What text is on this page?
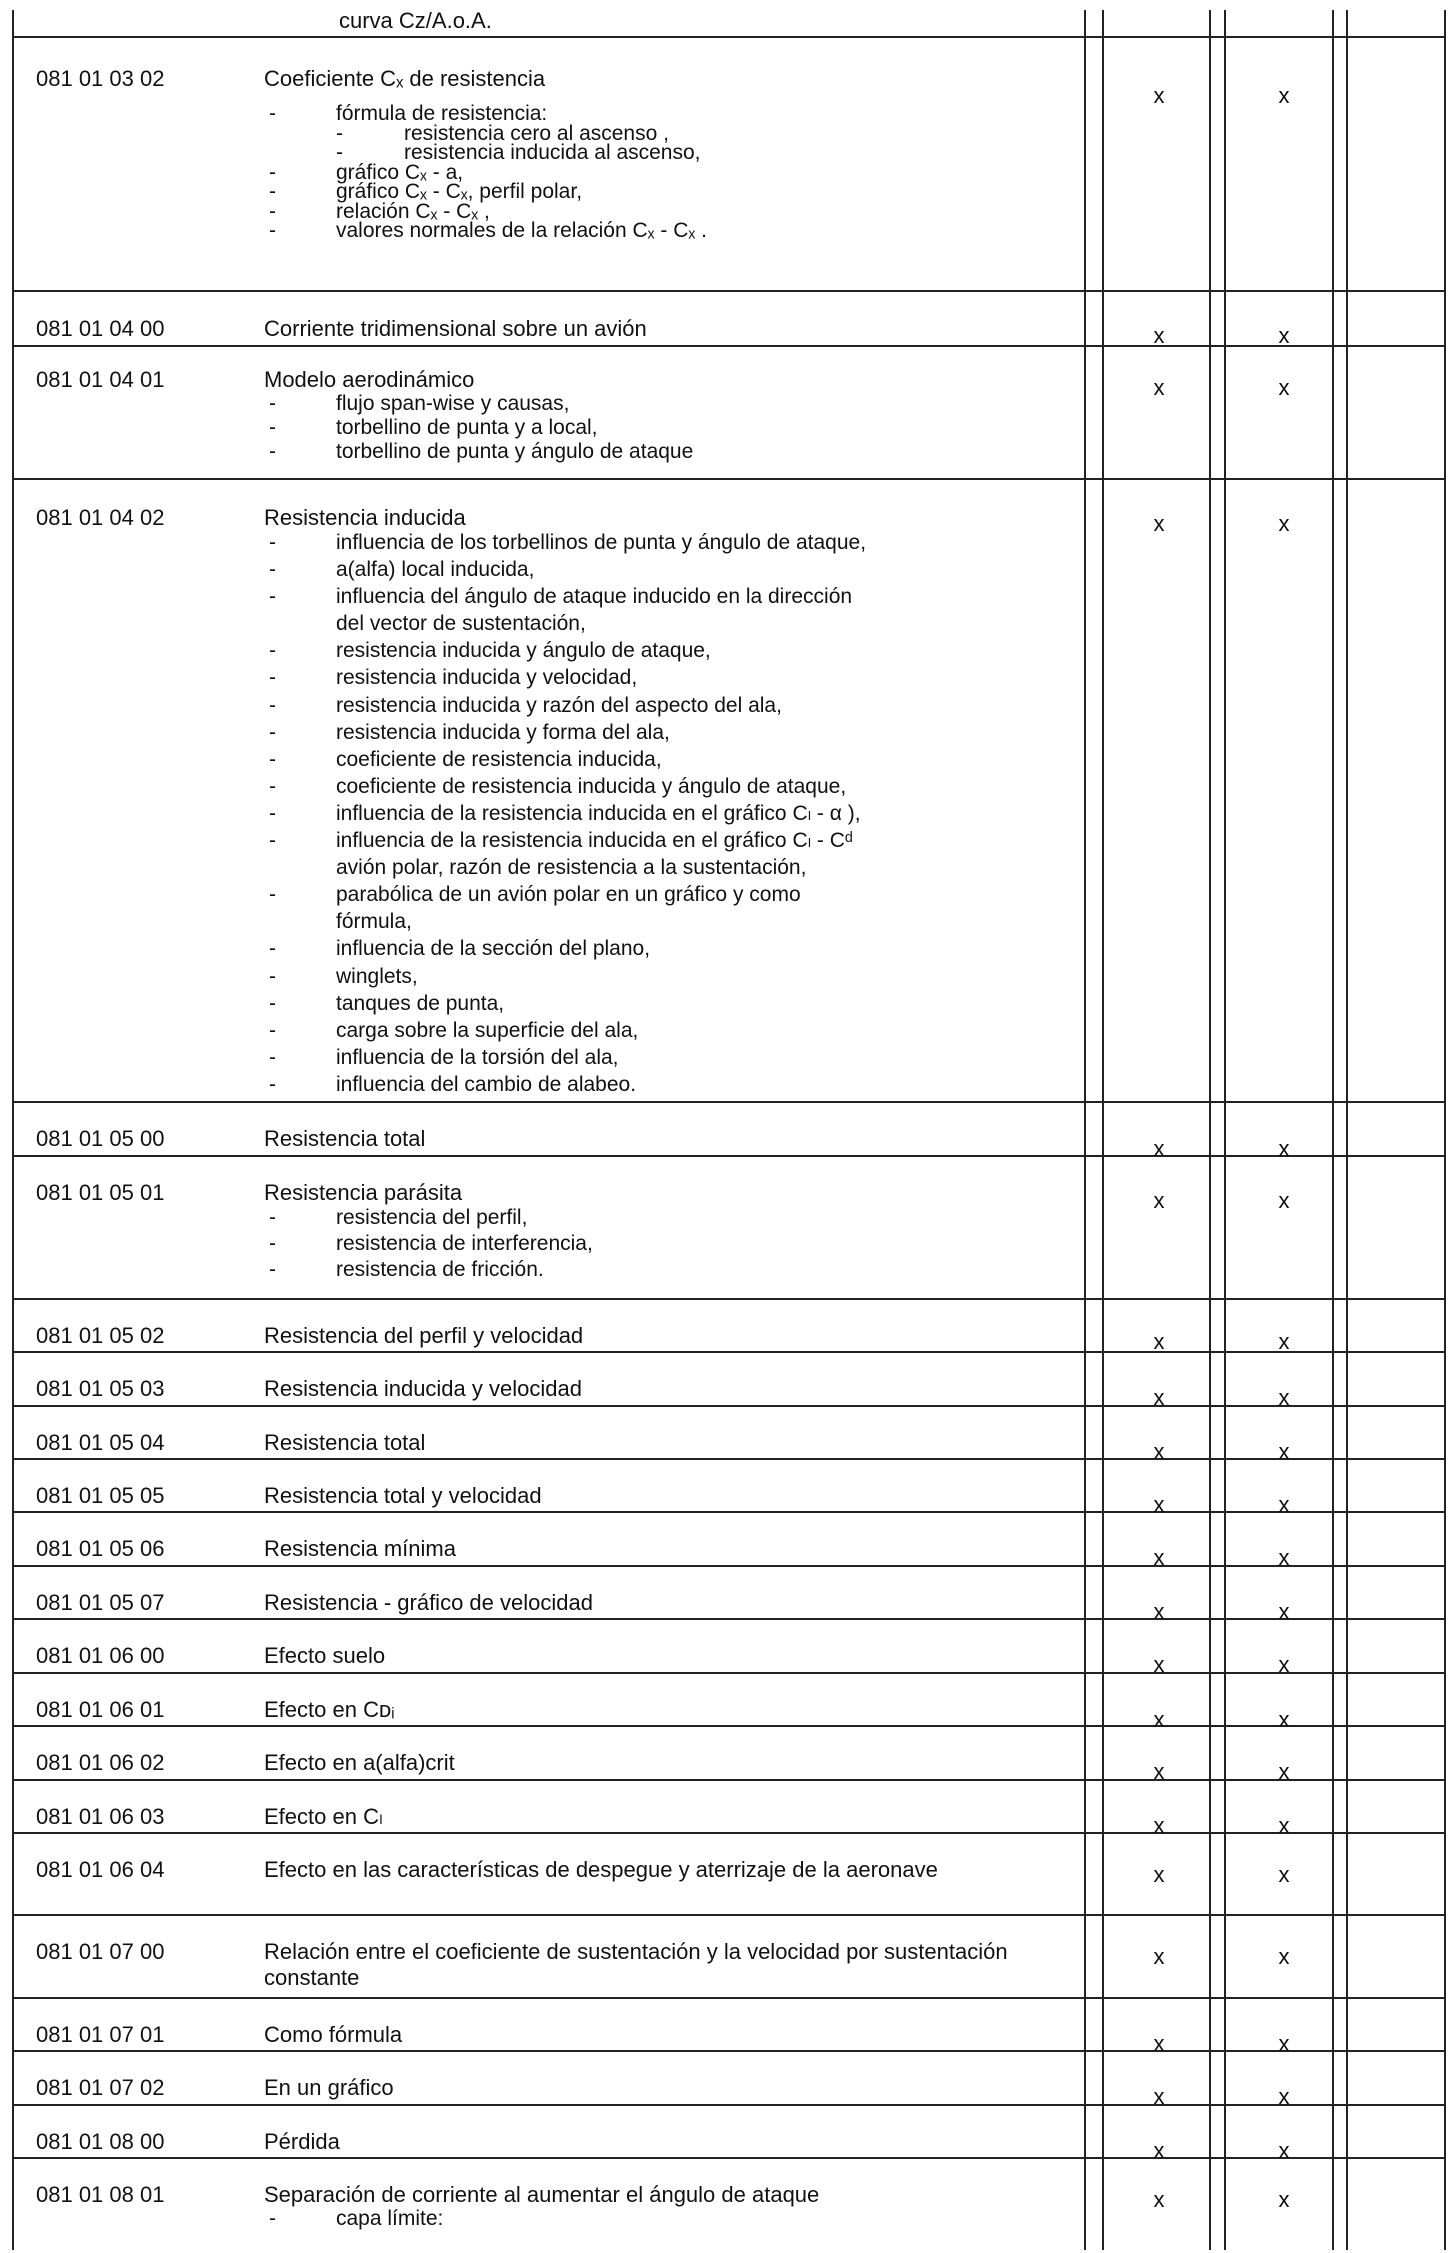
curva Cz/A.o.A.
081 01 03 02	Coeficiente Cₓ de resistencia
x	x
-	fórmula de resistencia:
-	resistencia cero al ascenso ,
-	resistencia inducida al ascenso,
-	gráfico Cₓ - a,
-	gráfico Cₓ - Cₓ, perfil polar,
-	relación Cₓ - Cₓ ,
-	valores normales de la relación Cₓ - Cₓ .
081 01 04 00	Corriente tridimensional sobre un avión	x	x
081 01 04 01	Modelo aerodinámico	x	x
-	flujo span-wise y causas,
-	torbellino de punta y a local,
-	torbellino de punta y ángulo de ataque
081 01 04 02	Resistencia inducida	x	x
-	influencia de los torbellinos de punta y ángulo de ataque,
-	a(alfa) local inducida,
-	influencia del ángulo de ataque inducido en la dirección
del vector de sustentación,
-	resistencia inducida y ángulo de ataque,
-	resistencia inducida y velocidad,
-	resistencia inducida y razón del aspecto del ala,
-	resistencia inducida y forma del ala,
-	coeficiente de resistencia inducida,
-	coeficiente de resistencia inducida y ángulo de ataque,
-	influencia de la resistencia inducida en el gráfico Cₗ - α ),
-	influencia de la resistencia inducida en el gráfico Cₗ - Cᵈ
avión polar, razón de resistencia a la sustentación,
-	parabólica de un avión polar en un gráfico y como
fórmula,
-	influencia de la sección del plano,
-	winglets,
-	tanques de punta,
-	carga sobre la superficie del ala,
-	influencia de la torsión del ala,
-	influencia del cambio de alabeo.
081 01 05 00	Resistencia total	x	x
081 01 05 01	Resistencia parásita	x	x
-	resistencia del perfil,
-	resistencia de interferencia,
-	resistencia de fricción.
081 01 05 02	Resistencia del perfil y velocidad	x	x
081 01 05 03	Resistencia inducida y velocidad	x	x
081 01 05 04	Resistencia total	x	x
081 01 05 05	Resistencia total y velocidad	x	x
081 01 05 06	Resistencia mínima	x	x
081 01 05 07	Resistencia - gráfico de velocidad	x	x
081 01 06 00	Efecto suelo	x	x
081 01 06 01	Efecto en Cᴅᵢ	x	x
081 01 06 02	Efecto en a(alfa)crit	x	x
081 01 06 03	Efecto en Cₗ	x	x
081 01 06 04	Efecto en las características de despegue y aterrizaje de la aeronave	x	x
081 01 07 00	Relación entre el coeficiente de sustentación y la velocidad por sustentación constante
x	x
081 01 07 01	Como fórmula	x	x
081 01 07 02	En un gráfico	x	x
081 01 08 00	Pérdida	x	x
081 01 08 01	Separación de corriente al aumentar el ángulo de ataque	x	x
-	capa límite:
